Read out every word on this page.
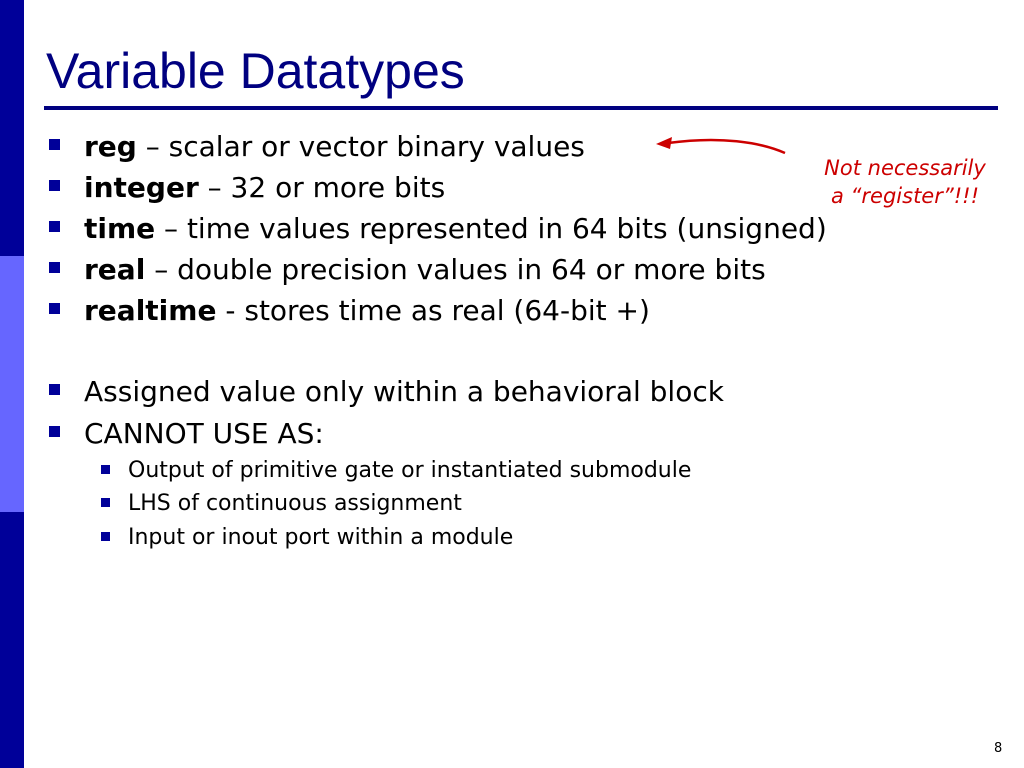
Variable Datatypes
reg – scalar or vector binary values
integer – 32 or more bits
time – time values represented in 64 bits (unsigned)
real – double precision values in 64 or more bits
realtime - stores time as real (64-bit +)
Assigned value only within a behavioral block
CANNOT USE AS:
Output of primitive gate or instantiated submodule
LHS of continuous assignment
Input or inout port within a module
Not necessarily
a “register”!!!
8
